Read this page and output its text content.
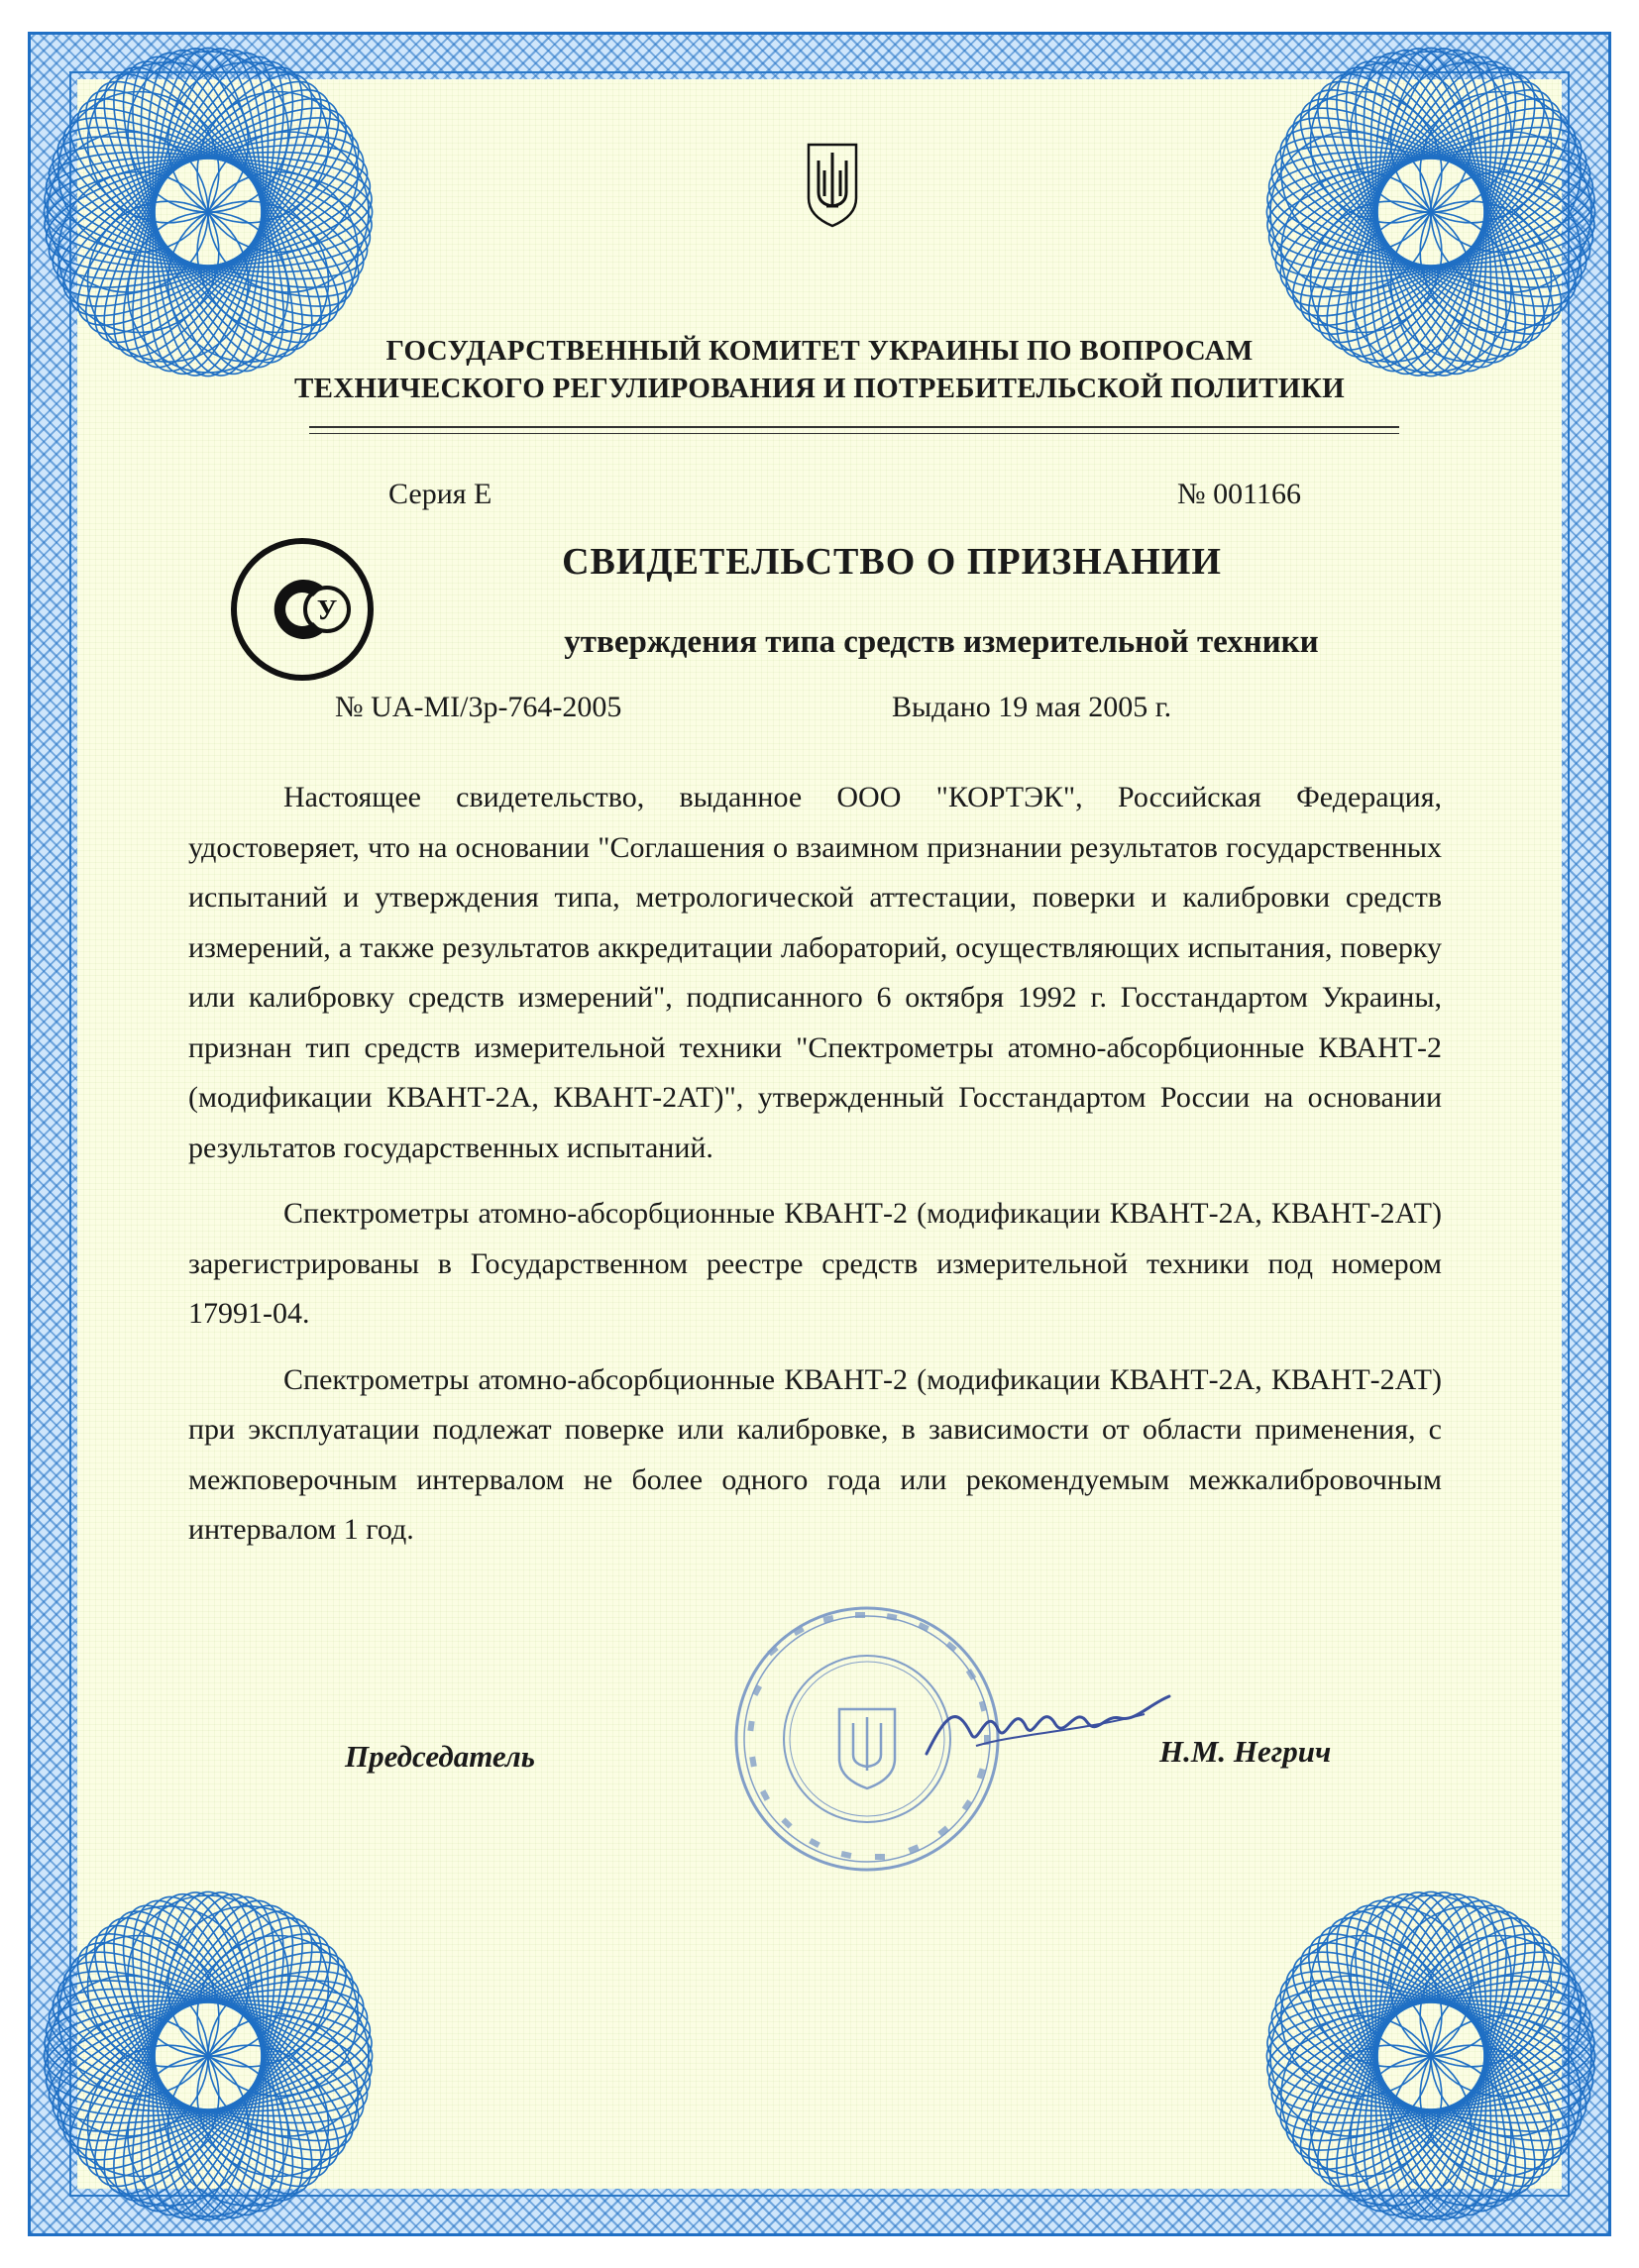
ГОСУДАРСТВЕННЫЙ КОМИТЕТ УКРАИНЫ ПО ВОПРОСАМ
ТЕХНИЧЕСКОГО РЕГУЛИРОВАНИЯ И ПОТРЕБИТЕЛЬСКОЙ ПОЛИТИКИ
Серия Е	№ 001166
У
СВИДЕТЕЛЬСТВО О ПРИЗНАНИИ
утверждения типа средств измерительной техники
№ UA-MI/3р-764-2005	Выдано 19 мая 2005 г.

Настоящее свидетельство, выданное ООО "КОРТЭК", Российская Федерация, удостоверяет, что на основании "Соглашения о взаимном признании результатов государственных испытаний и утверждения типа, метрологической аттестации, поверки и калибровки средств измерений, а также результатов аккредитации лабораторий, осуществляющих испытания, поверку или калибровку средств измерений", подписанного 6 октября 1992 г. Госстандартом Украины, признан тип средств измерительной техники "Спектрометры атомно-абсорбционные КВАНТ-2 (модификации КВАНТ-2А, КВАНТ-2АТ)", утвержденный Госстандартом России на основании результатов государственных испытаний.

Спектрометры атомно-абсорбционные КВАНТ-2 (модификации КВАНТ-2А, КВАНТ-2АТ) зарегистрированы в Государственном реестре средств измерительной техники под номером 17991-04.

Спектрометры атомно-абсорбционные КВАНТ-2 (модификации КВАНТ-2А, КВАНТ-2АТ) при эксплуатации подлежат поверке или калибровке, в зависимости от области применения, с межповерочным интервалом не более одного года или рекомендуемым межкалибровочным интервалом 1 год.

Председатель	Н.М. Негрич
